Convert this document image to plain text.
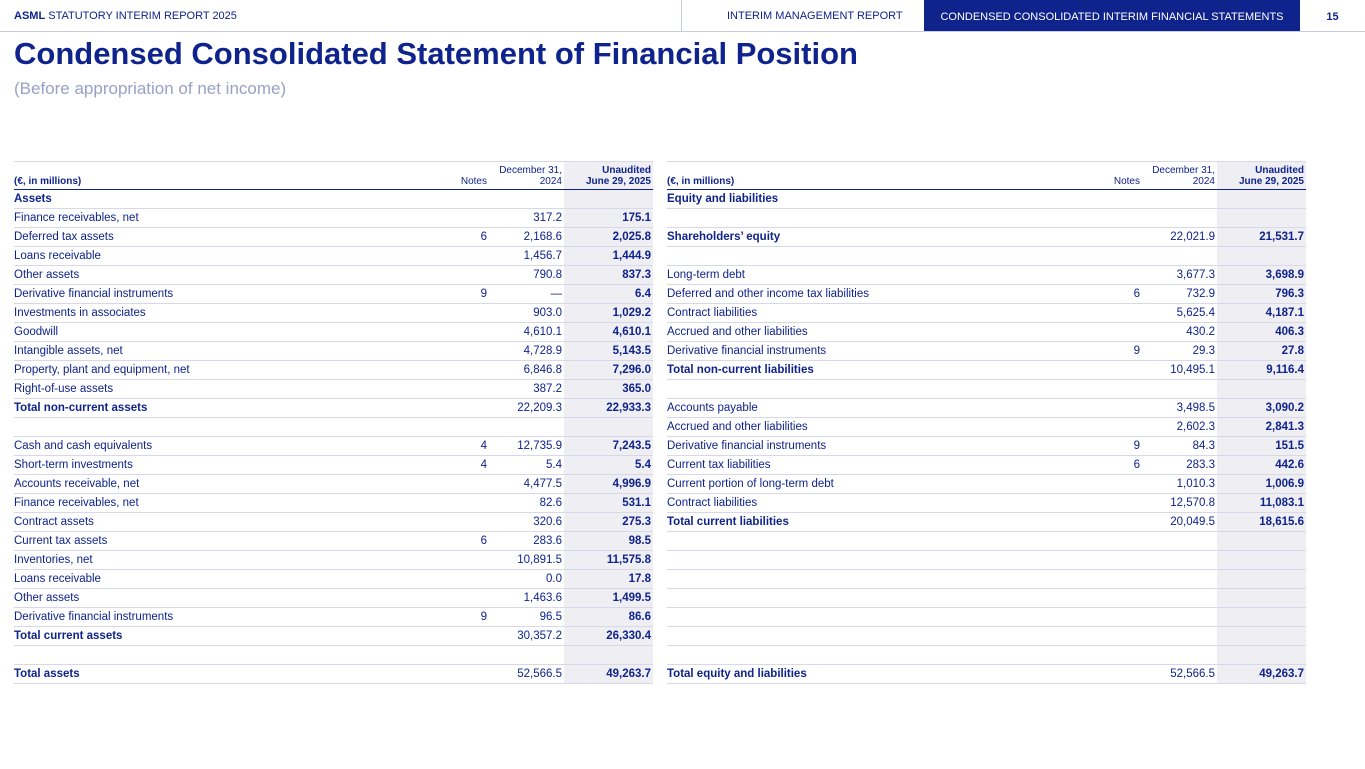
ASML STATUTORY INTERIM REPORT 2025	INTERIM MANAGEMENT REPORT	CONDENSED CONSOLIDATED INTERIM FINANCIAL STATEMENTS	15
Condensed Consolidated Statement of Financial Position
(Before appropriation of net income)
(€, in millions)	Notes	December 31,
2024	Unaudited
June 29, 2025
Assets			
Finance receivables, net		317.2	175.1
Deferred tax assets	6	2,168.6	2,025.8
Loans receivable		1,456.7	1,444.9
Other assets		790.8	837.3
Derivative financial instruments	9	—	6.4
Investments in associates		903.0	1,029.2
Goodwill		4,610.1	4,610.1
Intangible assets, net		4,728.9	5,143.5
Property, plant and equipment, net		6,846.8	7,296.0
Right-of-use assets		387.2	365.0
Total non-current assets		22,209.3	22,933.3

Cash and cash equivalents	4	12,735.9	7,243.5
Short-term investments	4	5.4	5.4
Accounts receivable, net		4,477.5	4,996.9
Finance receivables, net		82.6	531.1
Contract assets		320.6	275.3
Current tax assets	6	283.6	98.5
Inventories, net		10,891.5	11,575.8
Loans receivable		0.0	17.8
Other assets		1,463.6	1,499.5
Derivative financial instruments	9	96.5	86.6
Total current assets		30,357.2	26,330.4

Total assets		52,566.5	49,263.7
(€, in millions)	Notes	December 31,
2024	Unaudited
June 29, 2025
Equity and liabilities			

Shareholders’ equity		22,021.9	21,531.7

Long-term debt		3,677.3	3,698.9
Deferred and other income tax liabilities	6	732.9	796.3
Contract liabilities		5,625.4	4,187.1
Accrued and other liabilities		430.2	406.3
Derivative financial instruments	9	29.3	27.8
Total non-current liabilities		10,495.1	9,116.4

Accounts payable		3,498.5	3,090.2
Accrued and other liabilities		2,602.3	2,841.3
Derivative financial instruments	9	84.3	151.5
Current tax liabilities	6	283.3	442.6
Current portion of long-term debt		1,010.3	1,006.9
Contract liabilities		12,570.8	11,083.1
Total current liabilities		20,049.5	18,615.6

Total equity and liabilities		52,566.5	49,263.7
